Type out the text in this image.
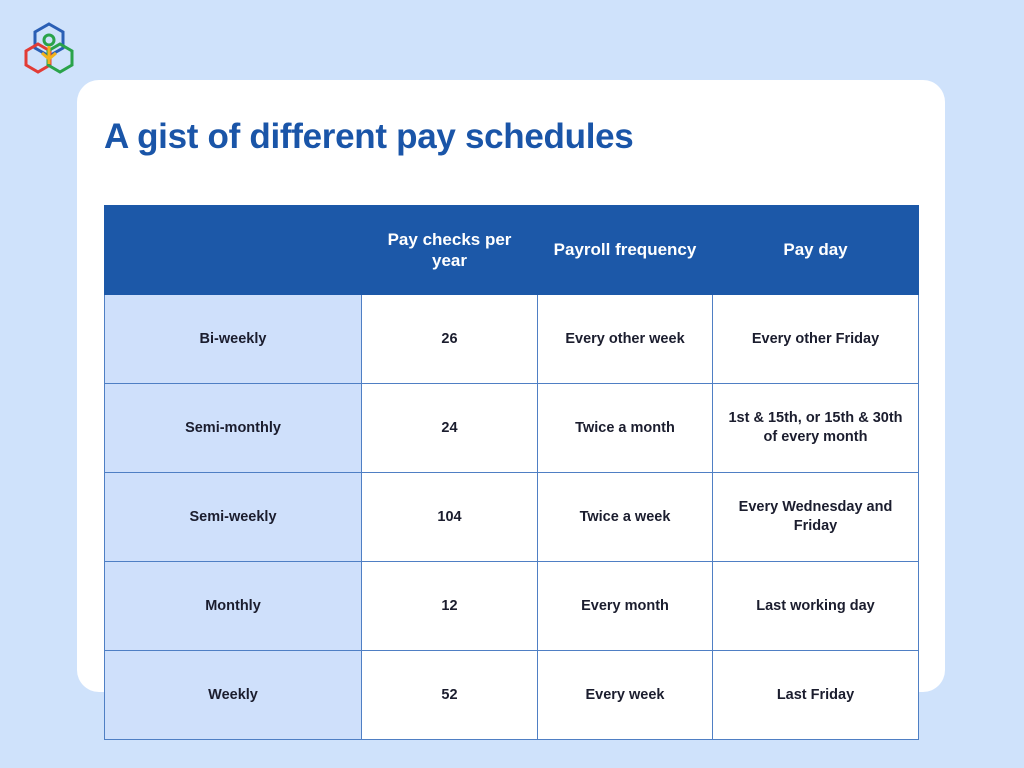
A gist of different pay schedules
	Pay checks per year	Payroll frequency	Pay day
Bi-weekly	26	Every other week	Every other Friday
Semi-monthly	24	Twice a month	1st & 15th, or 15th & 30th of every month
Semi-weekly	104	Twice a week	Every Wednesday and Friday
Monthly	12	Every month	Last working day
Weekly	52	Every week	Last Friday
